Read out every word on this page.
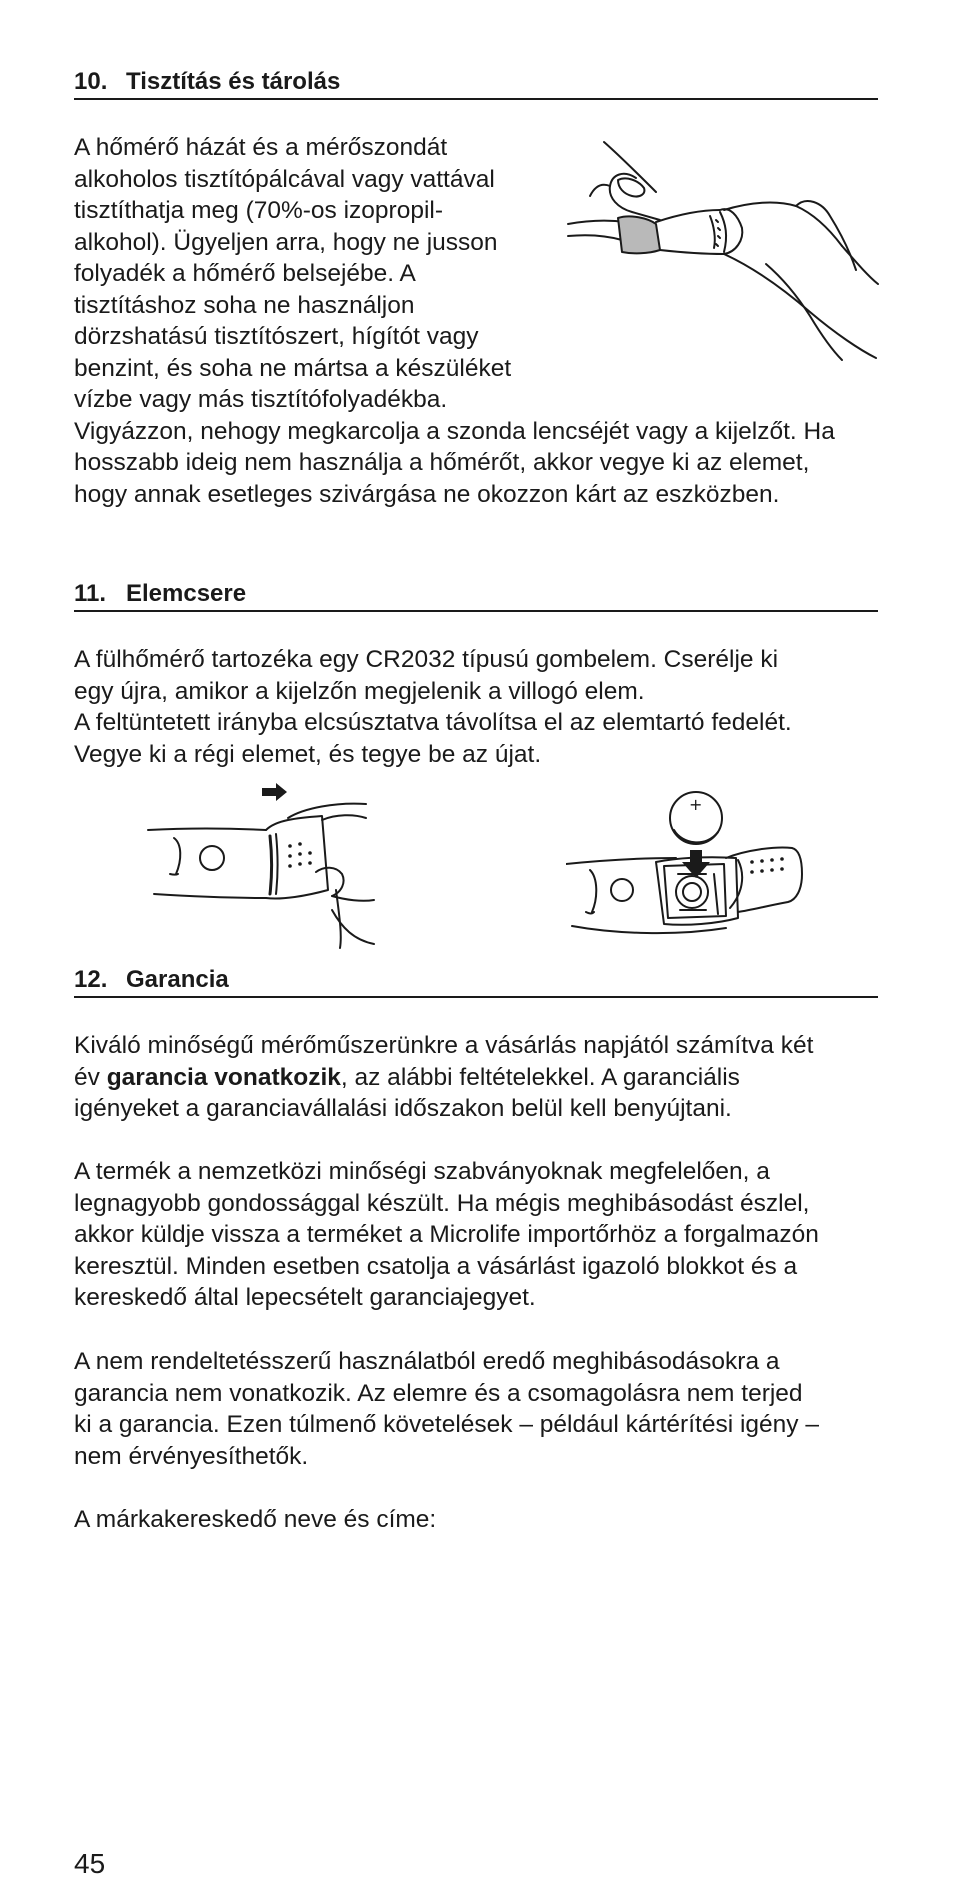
10. Tisztítás és tárolás

A hőmérő házát és a mérőszondát
alkoholos tisztítópálcával vagy vattával
tisztíthatja meg (70%-os izopropil-
alkohol). Ügyeljen arra, hogy ne jusson
folyadék a hőmérő belsejébe. A
tisztításhoz soha ne használjon
dörzshatású tisztítószert, hígítót vagy
benzint, és soha ne mártsa a készüléket
vízbe vagy más tisztítófolyadékba.
Vigyázzon, nehogy megkarcolja a szonda lencséjét vagy a kijelzőt. Ha
hosszabb ideig nem használja a hőmérőt, akkor vegye ki az elemet,
hogy annak esetleges szivárgása ne okozzon kárt az eszközben.

11. Elemcsere

A fülhőmérő tartozéka egy CR2032 típusú gombelem. Cserélje ki
egy újra, amikor a kijelzőn megjelenik a villogó elem.
A feltüntetett irányba elcsúsztatva távolítsa el az elemtartó fedelét.
Vegye ki a régi elemet, és tegye be az újat.

+
12. Garancia

Kiváló minőségű mérőműszerünkre a vásárlás napjától számítva két
év garancia vonatkozik, az alábbi feltételekkel. A garanciális
igényeket a garanciavállalási időszakon belül kell benyújtani.

A termék a nemzetközi minőségi szabványoknak megfelelően, a
legnagyobb gondossággal készült. Ha mégis meghibásodást észlel,
akkor küldje vissza a terméket a Microlife importőrhöz a forgalmazón
keresztül. Minden esetben csatolja a vásárlást igazoló blokkot és a
kereskedő által lepecsételt garanciajegyet.

A nem rendeltetésszerű használatból eredő meghibásodásokra a
garancia nem vonatkozik. Az elemre és a csomagolásra nem terjed
ki a garancia. Ezen túlmenő követelések – például kártérítési igény –
nem érvényesíthetők.

A márkakereskedő neve és címe:

45
